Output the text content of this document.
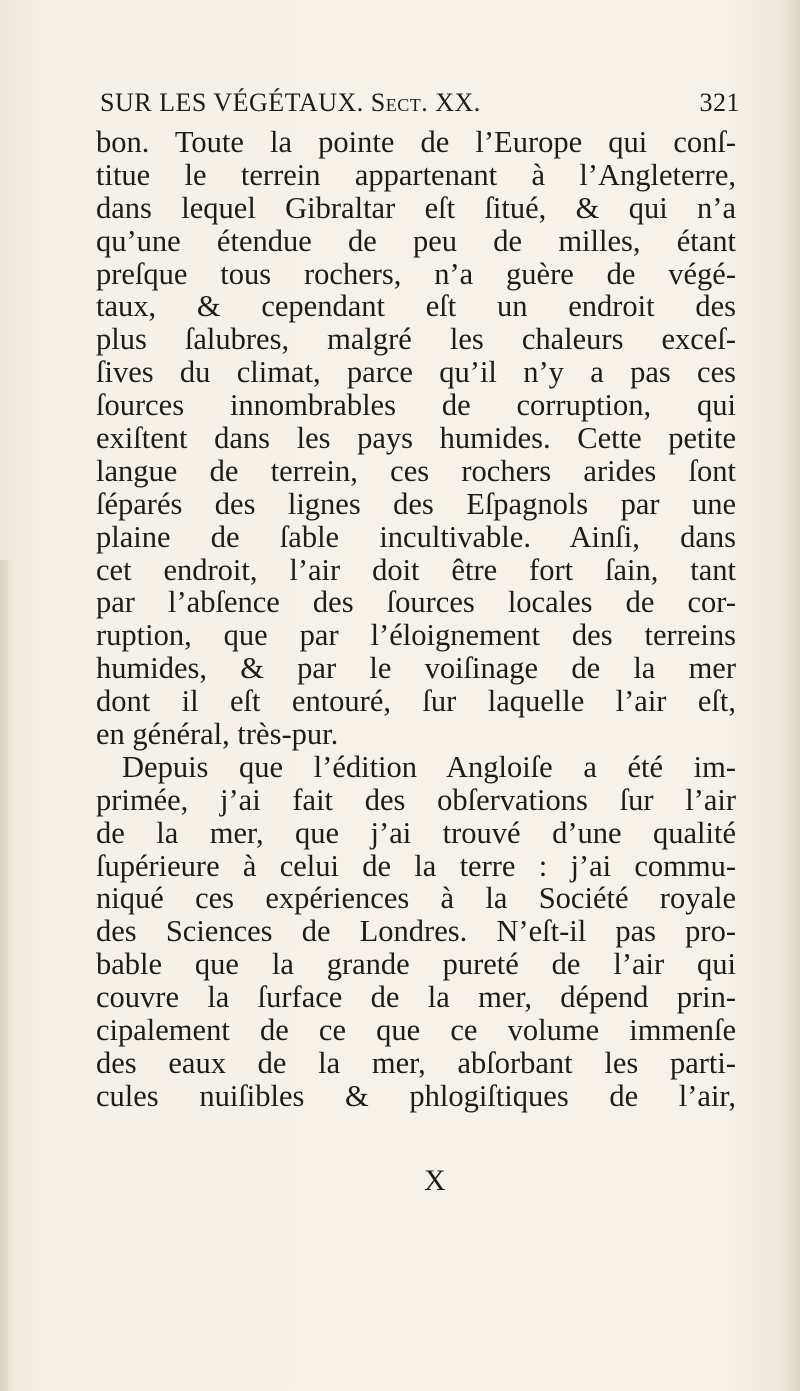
SUR LES VÉGÉTAUX. Sect. XX.	321
bon. Toute la pointe de l’Europe qui conſ-
titue le terrein appartenant à l’Angleterre,
dans lequel Gibraltar eſt ſitué, & qui n’a
qu’une étendue de peu de milles, étant
preſque tous rochers, n’a guère de végé-
taux, & cependant eſt un endroit des
plus ſalubres, malgré les chaleurs exceſ-
ſives du climat, parce qu’il n’y a pas ces
ſources innombrables de corruption, qui
exiſtent dans les pays humides. Cette petite
langue de terrein, ces rochers arides ſont
ſéparés des lignes des Eſpagnols par une
plaine de ſable incultivable. Ainſi, dans
cet endroit, l’air doit être fort ſain, tant
par l’abſence des ſources locales de cor-
ruption, que par l’éloignement des terreins
humides, & par le voiſinage de la mer
dont il eſt entouré, ſur laquelle l’air eſt,
en général, très-pur.
Depuis que l’édition Angloiſe a été im-
primée, j’ai fait des obſervations ſur l’air
de la mer, que j’ai trouvé d’une qualité
ſupérieure à celui de la terre : j’ai commu-
niqué ces expériences à la Société royale
des Sciences de Londres. N’eſt-il pas pro-
bable que la grande pureté de l’air qui
couvre la ſurface de la mer, dépend prin-
cipalement de ce que ce volume immenſe
des eaux de la mer, abſorbant les parti-
cules nuiſibles & phlogiſtiques de l’air,
X
